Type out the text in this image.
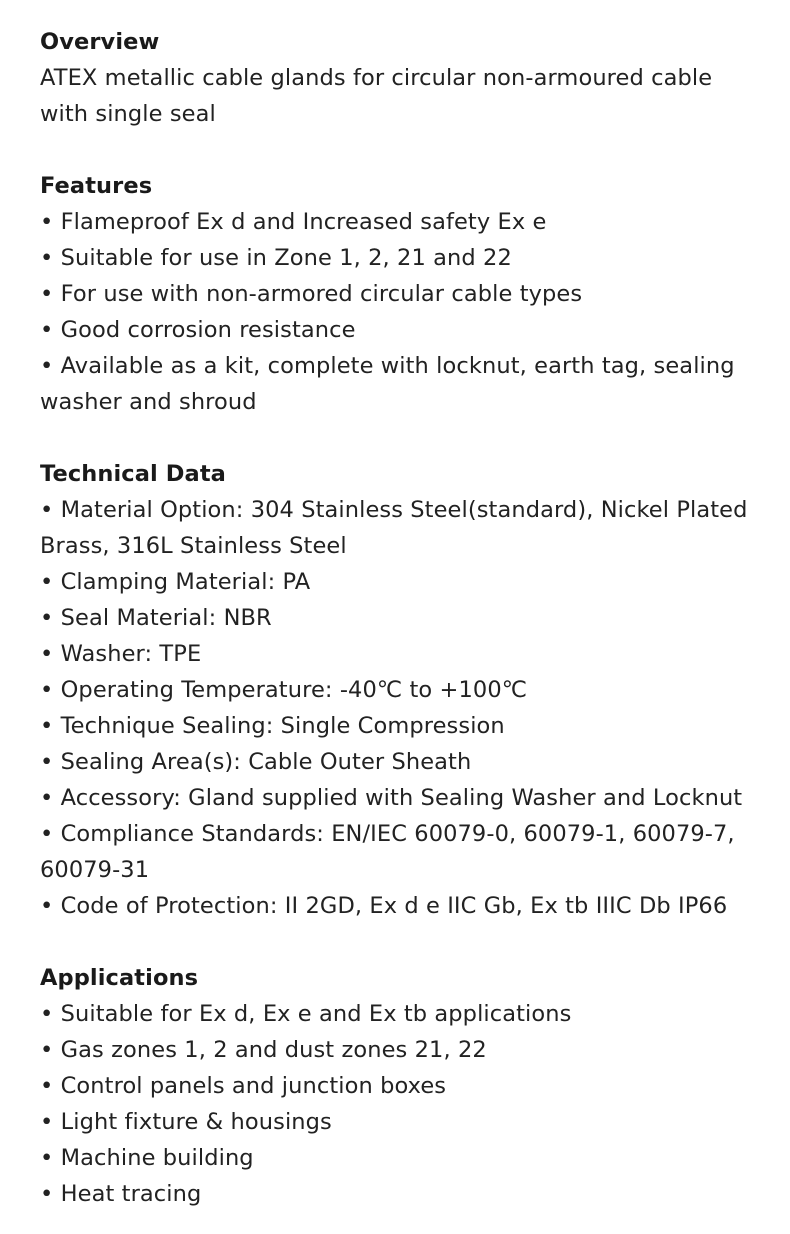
Overview

ATEX metallic cable glands for circular non-armoured cable with single seal

Features
• Flameproof Ex d and Increased safety Ex e
• Suitable for use in Zone 1, 2, 21 and 22
• For use with non-armored circular cable types
• Good corrosion resistance
• Available as a kit, complete with locknut, earth tag, sealing washer and shroud
Technical Data
• Material Option: 304 Stainless Steel(standard), Nickel Plated Brass, 316L Stainless Steel
• Clamping Material: PA
• Seal Material: NBR
• Washer: TPE
• Operating Temperature: -40℃ to +100℃
• Technique Sealing: Single Compression
• Sealing Area(s): Cable Outer Sheath
• Accessory: Gland supplied with Sealing Washer and Locknut
• Compliance Standards: EN/IEC 60079-0, 60079-1, 60079-7, 60079-31
• Code of Protection: II 2GD, Ex d e IIC Gb, Ex tb IIIC Db IP66
Applications
• Suitable for Ex d, Ex e and Ex tb applications
• Gas zones 1, 2 and dust zones 21, 22
• Control panels and junction boxes
• Light fixture & housings
• Machine building
• Heat tracing
